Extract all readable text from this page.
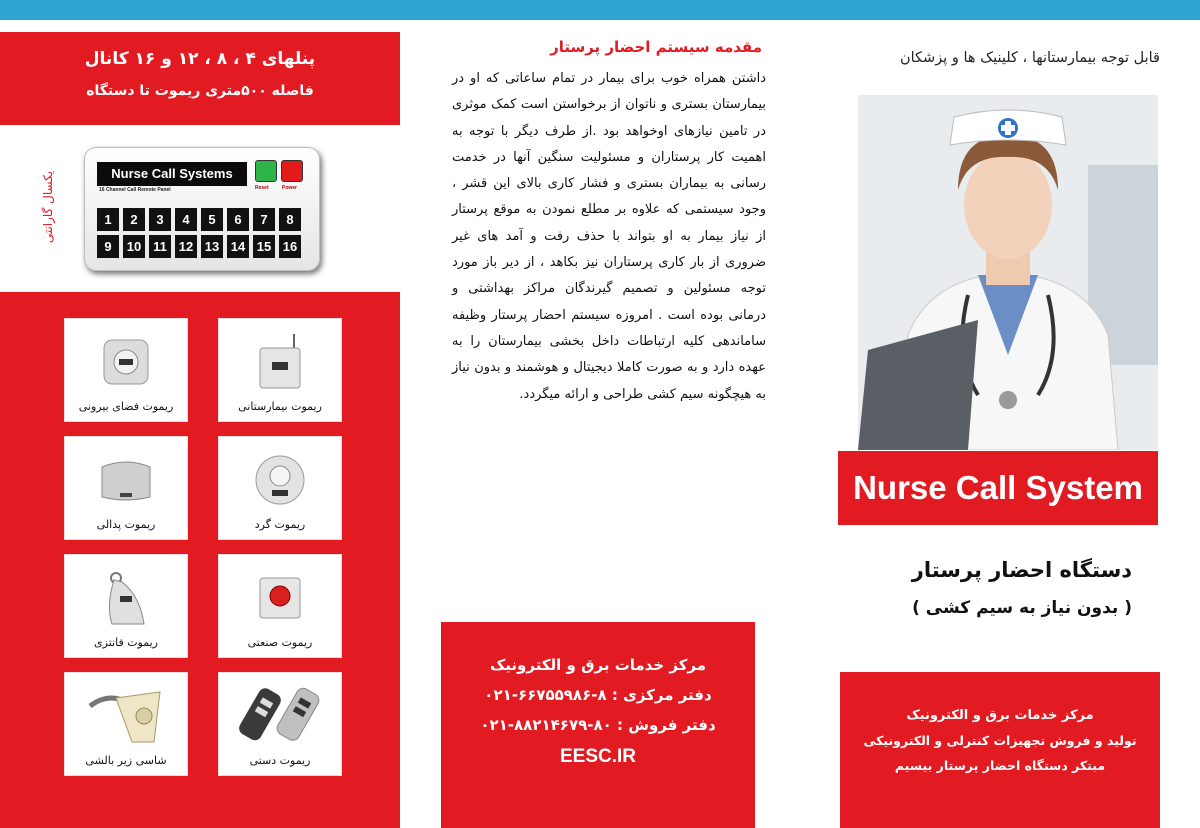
پنلهای ۴ ، ۸ ، ۱۲ و ۱۶ کانال
فاصله ۵۰۰متری ریموت تا دستگاه
یکسال گارانتی	Nurse Call Systems
16 Channel Call Remote Panel	Reset	Power
1	2	3	4	5	6	7	8
9	10 11 12 13 14 15 16
ریموت فضای بیرونی	ریموت بیمارستانی
ریموت پدالی	ریموت گرد
ریموت فانتزی	ریموت صنعتی
شاسی زیر بالشی	ریموت دستی
مقدمه سیستم احضار پرستار
داشتن همراه خوب برای بیمار در تمام ساعاتی که او در بیمارستان بستری و ناتوان از برخواستن است کمک موثری در تامین نیازهای اوخواهد بود .از طرف دیگر با توجه به اهمیت کار پرستاران و مسئولیت سنگین آنها در خدمت رسانی به بیماران بستری و فشار کاری بالای این قشر ، وجود سیستمی که علاوه بر مطلع نمودن به موقع پرستار از نیاز بیمار به او بتواند با حذف رفت و آمد های غیر ضروری از بار کاری پرستاران نیز بکاهد ، از دیر باز مورد توجه مسئولین و تصمیم گیرندگان مراکز بهداشتی و درمانی بوده است . امروزه سیستم احضار پرستار وظیفه ساماندهی کلیه ارتباطات داخل بخشی بیمارستان را به عهده دارد و به صورت کاملا دیجیتال و هوشمند و بدون نیاز به هیچگونه سیم کشی طراحی و ارائه میگردد.
مرکز خدمات برق و الکترونیک
دفتر مرکزی : ۸-۶۶۷۵۵۹۸۶-۰۲۱
دفتر فروش : ۸۰-۸۸۲۱۴۶۷۹-۰۲۱
EESC.IR
قابل توجه بیمارستانها ، کلینیک ها و پزشکان
Nurse Call System
دستگاه احضار پرستار
( بدون نیاز به سیم کشی )
مرکز خدمات برق و الکترونیک
تولید و فروش تجهیزات کنترلی و الکترونیکی
مبتکر دستگاه احضار پرستار بیسیم
